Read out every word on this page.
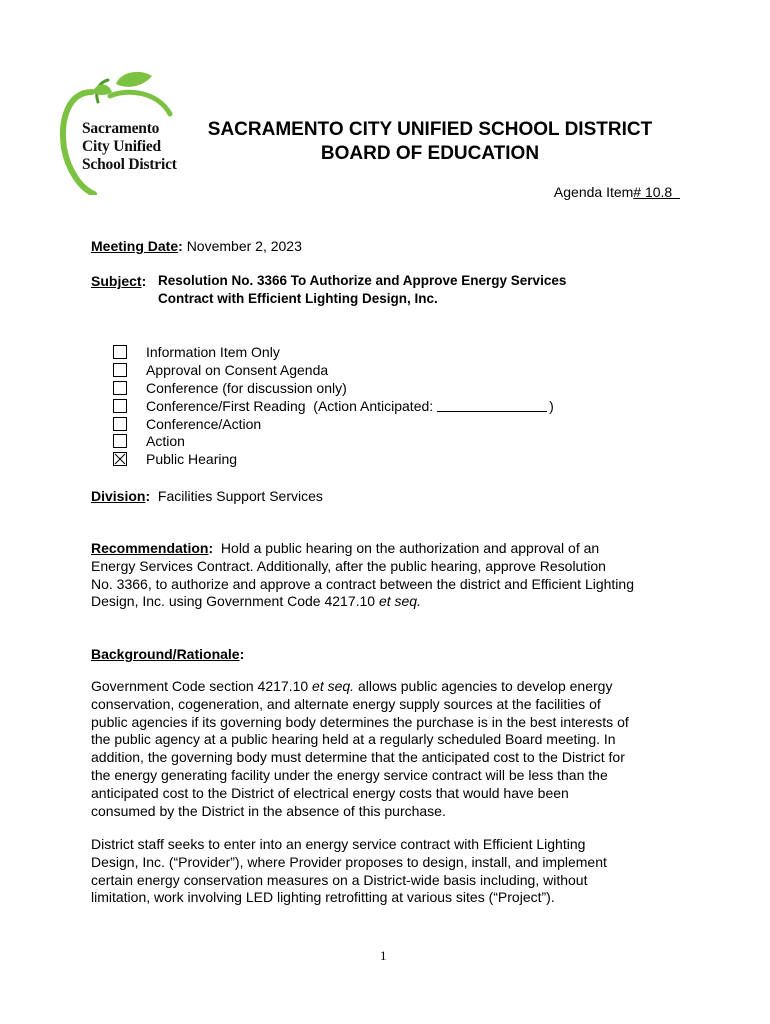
Sacramento
City Unified
School District
SACRAMENTO CITY UNIFIED SCHOOL DISTRICT
BOARD OF EDUCATION
Agenda Item# 10.8
Meeting Date: November 2, 2023
Subject: Resolution No. 3366 To Authorize and Approve Energy Services
Contract with Efficient Lighting Design, Inc.
Information Item Only
Approval on Consent Agenda
Conference (for discussion only)
Conference/First Reading  (Action Anticipated:	)
Conference/Action
Action
Public Hearing
Division: Facilities Support Services
Recommendation: Hold a public hearing on the authorization and approval of an
Energy Services Contract. Additionally, after the public hearing, approve Resolution
No. 3366, to authorize and approve a contract between the district and Efficient Lighting
Design, Inc. using Government Code 4217.10 et seq.
Background/Rationale:
Government Code section 4217.10 et seq. allows public agencies to develop energy
conservation, cogeneration, and alternate energy supply sources at the facilities of
public agencies if its governing body determines the purchase is in the best interests of
the public agency at a public hearing held at a regularly scheduled Board meeting. In
addition, the governing body must determine that the anticipated cost to the District for
the energy generating facility under the energy service contract will be less than the
anticipated cost to the District of electrical energy costs that would have been
consumed by the District in the absence of this purchase.
District staff seeks to enter into an energy service contract with Efficient Lighting
Design, Inc. (“Provider”), where Provider proposes to design, install, and implement
certain energy conservation measures on a District-wide basis including, without
limitation, work involving LED lighting retrofitting at various sites (“Project”).
1
